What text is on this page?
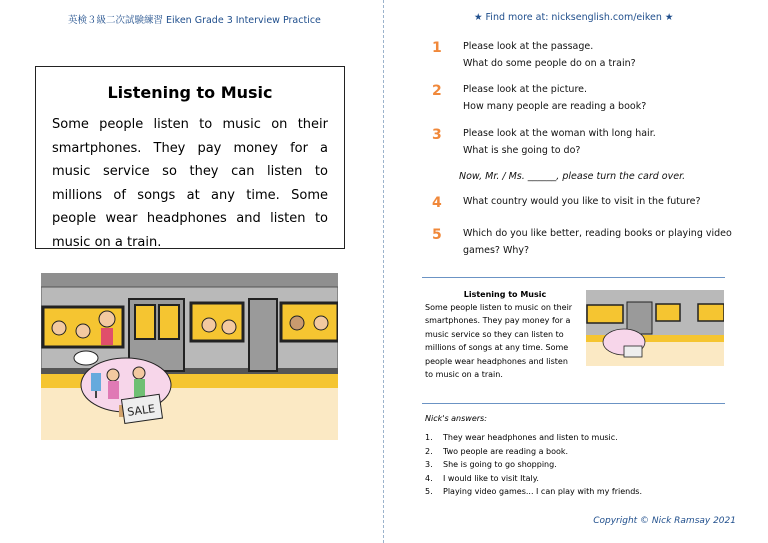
英検３級二次試験練習 Eiken Grade 3 Interview Practice	★ Find more at: nicksenglish.com/eiken ★
Listening to Music
Some people listen to music on their smartphones. They pay money for a music service so they can listen to millions of songs at any time. Some people wear headphones and listen to music on a train.
SALE
1 Please look at the passage.
What do some people do on a train?
2 Please look at the picture.
How many people are reading a book?
3 Please look at the woman with long hair.
What is she going to do?
4 What country would you like to visit in the future?
5 Which do you like better, reading books or playing video games? Why?
Now, Mr. / Ms. ______, please turn the card over.
Listening to Music
Some people listen to music on their smartphones. They pay money for a music service so they can listen to millions of songs at any time. Some people wear headphones and listen to music on a train.
Nick's answers:
1. They wear headphones and listen to music.
2. Two people are reading a book.
3. She is going to go shopping.
4. I would like to visit Italy.
5. Playing video games... I can play with my friends.
Copyright © Nick Ramsay 2021
